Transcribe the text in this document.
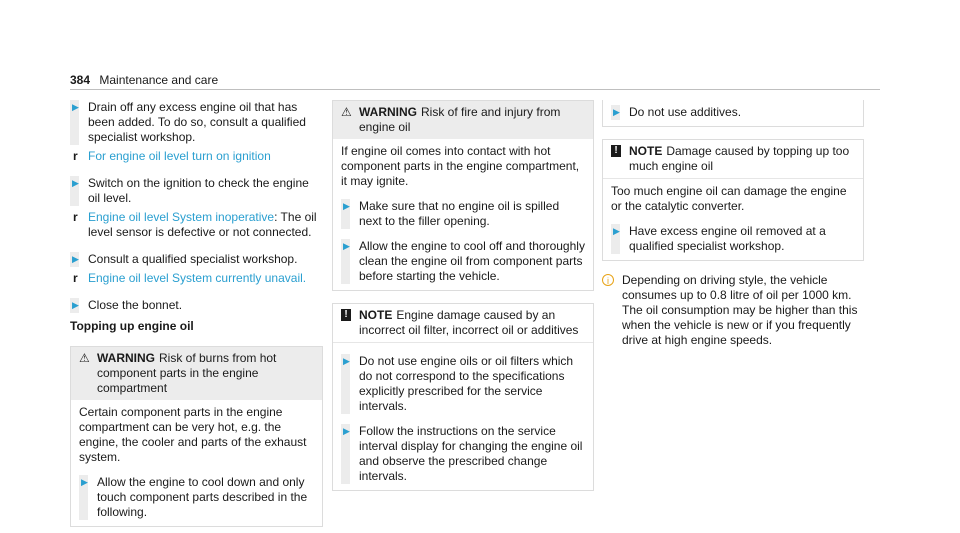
384 Maintenance and care
▶ Drain off any excess engine oil that has been added. To do so, consult a qualified specialist workshop.
r For engine oil level turn on ignition
▶ Switch on the ignition to check the engine oil level.
r Engine oil level System inoperative: The oil level sensor is defective or not connected.
▶ Consult a qualified specialist workshop.
r Engine oil level System currently unavail.
▶ Close the bonnet.
Topping up engine oil
⚠ WARNING Risk of burns from hot component parts in the engine compartment
Certain component parts in the engine compartment can be very hot, e.g. the engine, the cooler and parts of the exhaust system.
▶ Allow the engine to cool down and only touch component parts described in the following.
⚠ WARNING Risk of fire and injury from engine oil
If engine oil comes into contact with hot component parts in the engine compartment, it may ignite.
▶ Make sure that no engine oil is spilled next to the filler opening.
▶ Allow the engine to cool off and thoroughly clean the engine oil from component parts before starting the vehicle.
! NOTE Engine damage caused by an incorrect oil filter, incorrect oil or additives
▶ Do not use engine oils or oil filters which do not correspond to the specifications explicitly prescribed for the service intervals.
▶ Follow the instructions on the service interval display for changing the engine oil and observe the prescribed change intervals.
▶ Do not use additives.
! NOTE Damage caused by topping up too much engine oil
Too much engine oil can damage the engine or the catalytic converter.
▶ Have excess engine oil removed at a qualified specialist workshop.
i	Depending on driving style, the vehicle consumes up to 0.8 litre of oil per 1000 km. The oil consumption may be higher than this when the vehicle is new or if you frequently drive at high engine speeds.
